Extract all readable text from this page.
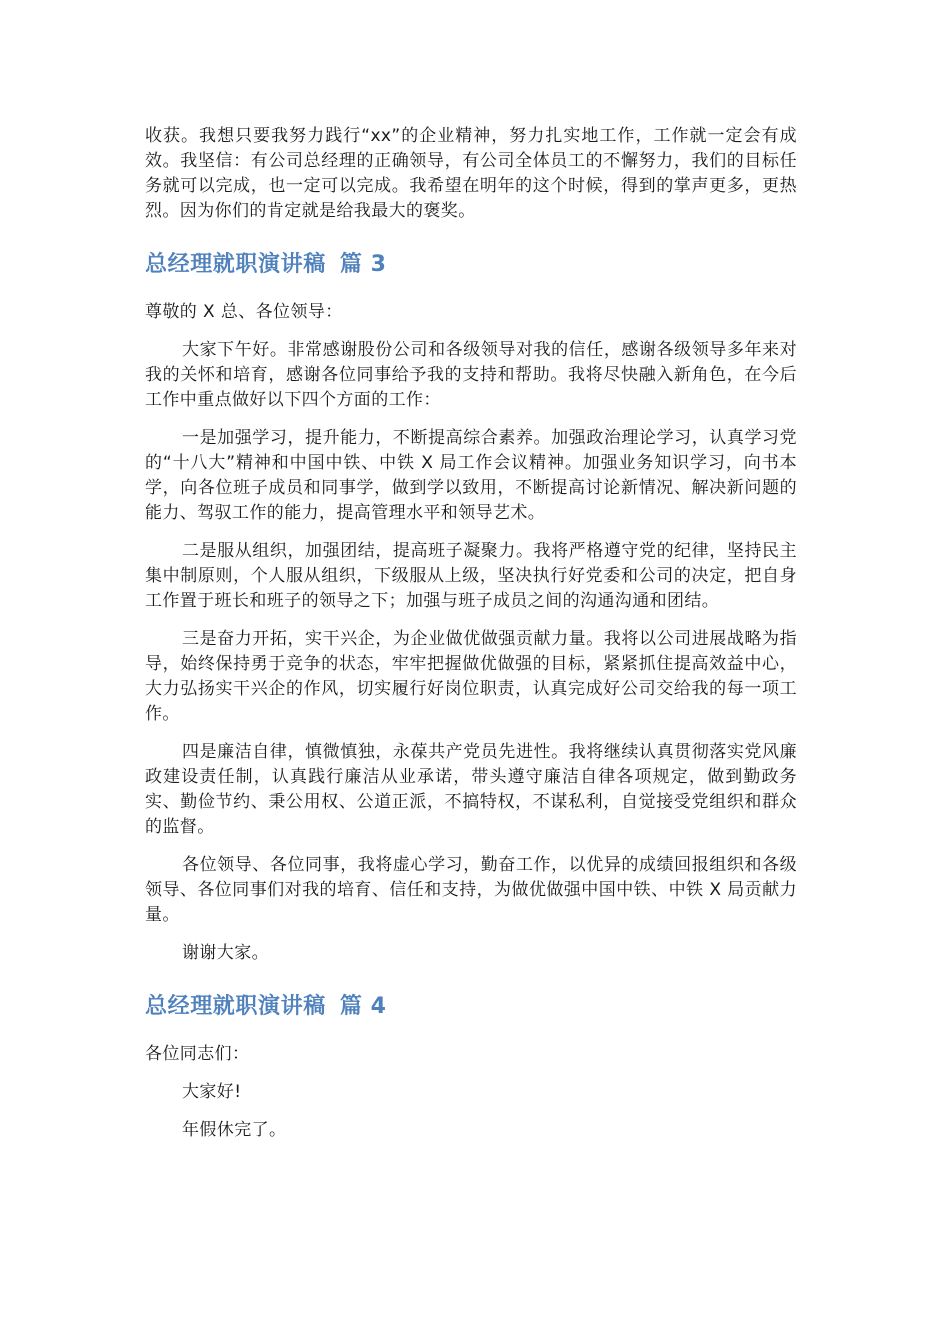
收获。我想只要我努力践行“xx”的企业精神，努力扎实地工作，工作就一定会有成效。我坚信：有公司总经理的正确领导，有公司全体员工的不懈努力，我们的目标任务就可以完成，也一定可以完成。我希望在明年的这个时候，得到的掌声更多，更热烈。因为你们的肯定就是给我最大的褒奖。

总经理就职演讲稿 篇 3

尊敬的 X 总、各位领导：

大家下午好。非常感谢股份公司和各级领导对我的信任，感谢各级领导多年来对我的关怀和培育，感谢各位同事给予我的支持和帮助。我将尽快融入新角色，在今后工作中重点做好以下四个方面的工作：

一是加强学习，提升能力，不断提高综合素养。加强政治理论学习，认真学习党的“十八大”精神和中国中铁、中铁 X 局工作会议精神。加强业务知识学习，向书本学，向各位班子成员和同事学，做到学以致用，不断提高讨论新情况、解决新问题的能力、驾驭工作的能力，提高管理水平和领导艺术。

二是服从组织，加强团结，提高班子凝聚力。我将严格遵守党的纪律，坚持民主集中制原则，个人服从组织，下级服从上级，坚决执行好党委和公司的决定，把自身工作置于班长和班子的领导之下；加强与班子成员之间的沟通沟通和团结。

三是奋力开拓，实干兴企，为企业做优做强贡献力量。我将以公司进展战略为指导，始终保持勇于竞争的状态，牢牢把握做优做强的目标，紧紧抓住提高效益中心，大力弘扬实干兴企的作风，切实履行好岗位职责，认真完成好公司交给我的每一项工作。

四是廉洁自律，慎微慎独，永葆共产党员先进性。我将继续认真贯彻落实党风廉政建设责任制，认真践行廉洁从业承诺，带头遵守廉洁自律各项规定，做到勤政务实、勤俭节约、秉公用权、公道正派，不搞特权，不谋私利，自觉接受党组织和群众的监督。

各位领导、各位同事，我将虚心学习，勤奋工作，以优异的成绩回报组织和各级领导、各位同事们对我的培育、信任和支持，为做优做强中国中铁、中铁 X 局贡献力量。

谢谢大家。

总经理就职演讲稿 篇 4

各位同志们：

大家好!

年假休完了。
